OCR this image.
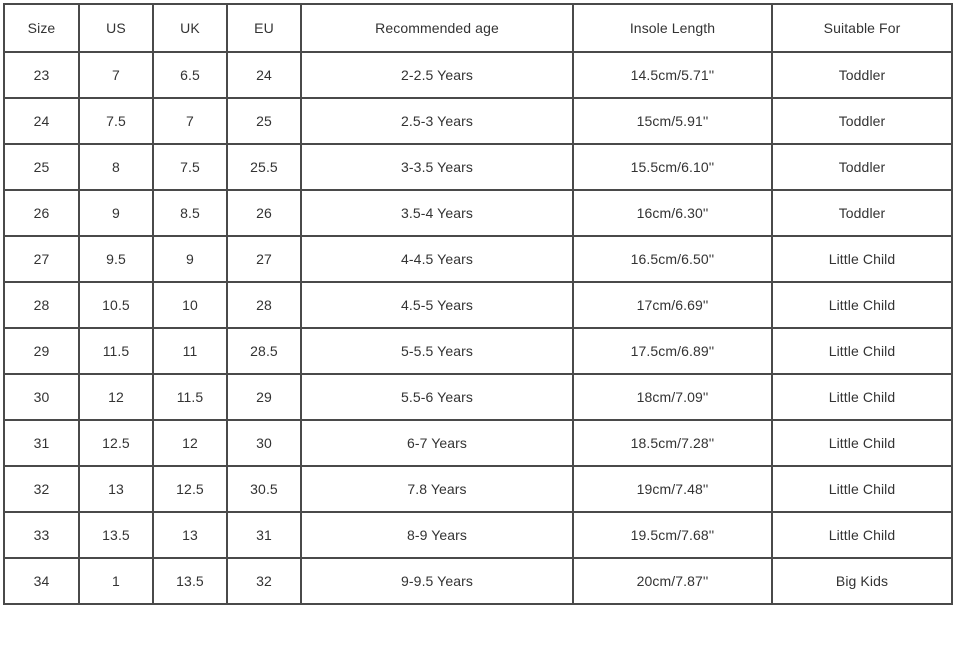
Size	US	UK	EU	Recommended age	Insole Length	Suitable For
23	7	6.5	24	2-2.5 Years	14.5cm/5.71''	Toddler
24	7.5	7	25	2.5-3 Years	15cm/5.91''	Toddler
25	8	7.5	25.5	3-3.5 Years	15.5cm/6.10''	Toddler
26	9	8.5	26	3.5-4 Years	16cm/6.30''	Toddler
27	9.5	9	27	4-4.5 Years	16.5cm/6.50''	Little Child
28	10.5	10	28	4.5-5 Years	17cm/6.69''	Little Child
29	11.5	11	28.5	5-5.5 Years	17.5cm/6.89''	Little Child
30	12	11.5	29	5.5-6 Years	18cm/7.09''	Little Child
31	12.5	12	30	6-7 Years	18.5cm/7.28''	Little Child
32	13	12.5	30.5	7.8 Years	19cm/7.48''	Little Child
33	13.5	13	31	8-9 Years	19.5cm/7.68''	Little Child
34	1	13.5	32	9-9.5 Years	20cm/7.87''	Big Kids
